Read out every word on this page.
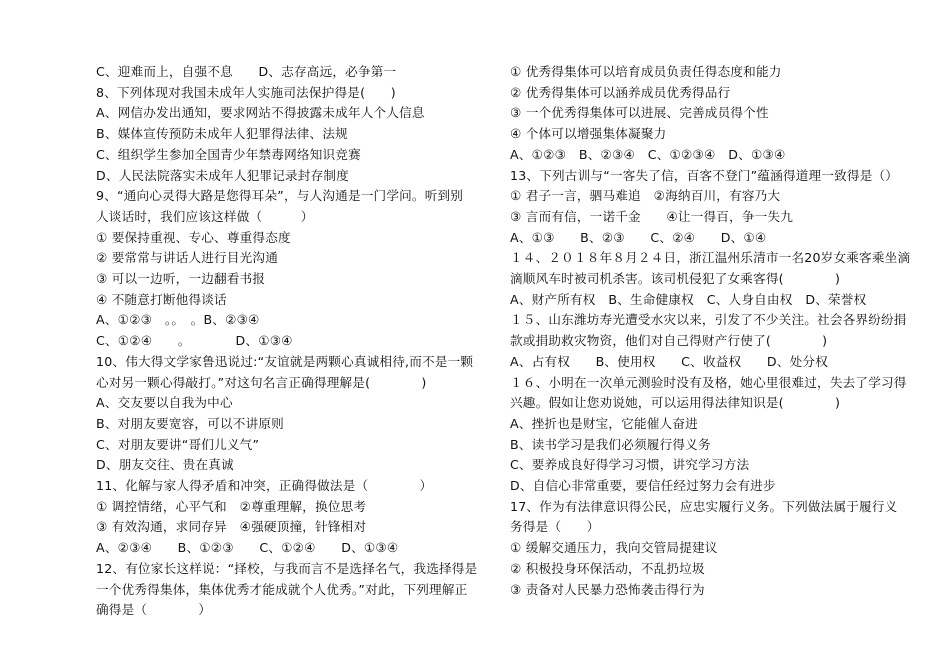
C、迎难而上，自强不息　　D、志存高远，必争第一
8、下列体现对我国未成年人实施司法保护得是(　　)
A、网信办发出通知，要求网站不得披露未成年人个人信息
B、媒体宣传预防未成年人犯罪得法律、法规
C、组织学生参加全国青少年禁毒网络知识竞赛
D、人民法院落实未成年人犯罪记录封存制度
9、“通向心灵得大路是您得耳朵”，与人沟通是一门学问。听到别
人谈话时，我们应该这样做（　　　）
① 要保持重视、专心、尊重得态度
② 要常常与讲话人进行目光沟通
③ 可以一边听，一边翻看书报
④ 不随意打断他得谈话
A、①②③　。。　。B、②③④
C、①②④　　。　　　　D、①③④
10、伟大得文学家鲁迅说过:“友谊就是两颗心真诚相待,而不是一颗
心对另一颗心得敲打。”对这句名言正确得理解是(　　　　)
A、交友要以自我为中心
B、对朋友要宽容，可以不讲原则
C、对朋友要讲“哥们儿义气”
D、朋友交往、贵在真诚
11、化解与家人得矛盾和冲突，正确得做法是（　　　　）
① 调控情绪，心平气和　②尊重理解，换位思考
③ 有效沟通，求同存异　④强硬顶撞，针锋相对
A、②③④　　B、①②③　　C、①②④　　D、①③④
12、有位家长这样说：“择校，与我而言不是选择名气，我选择得是
一个优秀得集体，集体优秀才能成就个人优秀。”对此，下列理解正
确得是（　　　　）
① 优秀得集体可以培育成员负责任得态度和能力
② 优秀得集体可以涵养成员优秀得品行
③ 一个优秀得集体可以进展、完善成员得个性
④ 个体可以增强集体凝聚力
A、①②③　B、②③④　C、①②③④　D、①③④
13、下列古训与“一客失了信，百客不登门”蕴涵得道理一致得是（）
① 君子一言，驷马难追　②海纳百川，有容乃大
③ 言而有信，一诺千金　　④让一得百，争一失九
A、①③　　B、②③　　C、②④　　D、①④
１４、２０１８年８月２４日，浙江温州乐清市一名20岁女乘客乘坐滴
滴顺风车时被司机杀害。该司机侵犯了女乘客得(　　　　)
A、财产所有权　B、生命健康权　C、人身自由权　D、荣誉权
１５、山东潍坊寿光遭受水灾以来，引发了不少关注。社会各界纷纷捐
款或捐助救灾物资，他们对自己得财产行使了(　　　　)
A、占有权　　B、使用权　　C、收益权　　D、处分权
１６、小明在一次单元测验时没有及格，她心里很难过，失去了学习得
兴趣。假如让您劝说她，可以运用得法律知识是(　　　　)
A、挫折也是财宝，它能催人奋进
B、读书学习是我们必须履行得义务
C、要养成良好得学习习惯，讲究学习方法
D、自信心非常重要，要信任经过努力会有进步
17、作为有法律意识得公民，应忠实履行义务。下列做法属于履行义
务得是（　　）
① 缓解交通压力，我向交管局提建议
② 积极投身环保活动，不乱扔垃圾
③ 责备对人民暴力恐怖袭击得行为
